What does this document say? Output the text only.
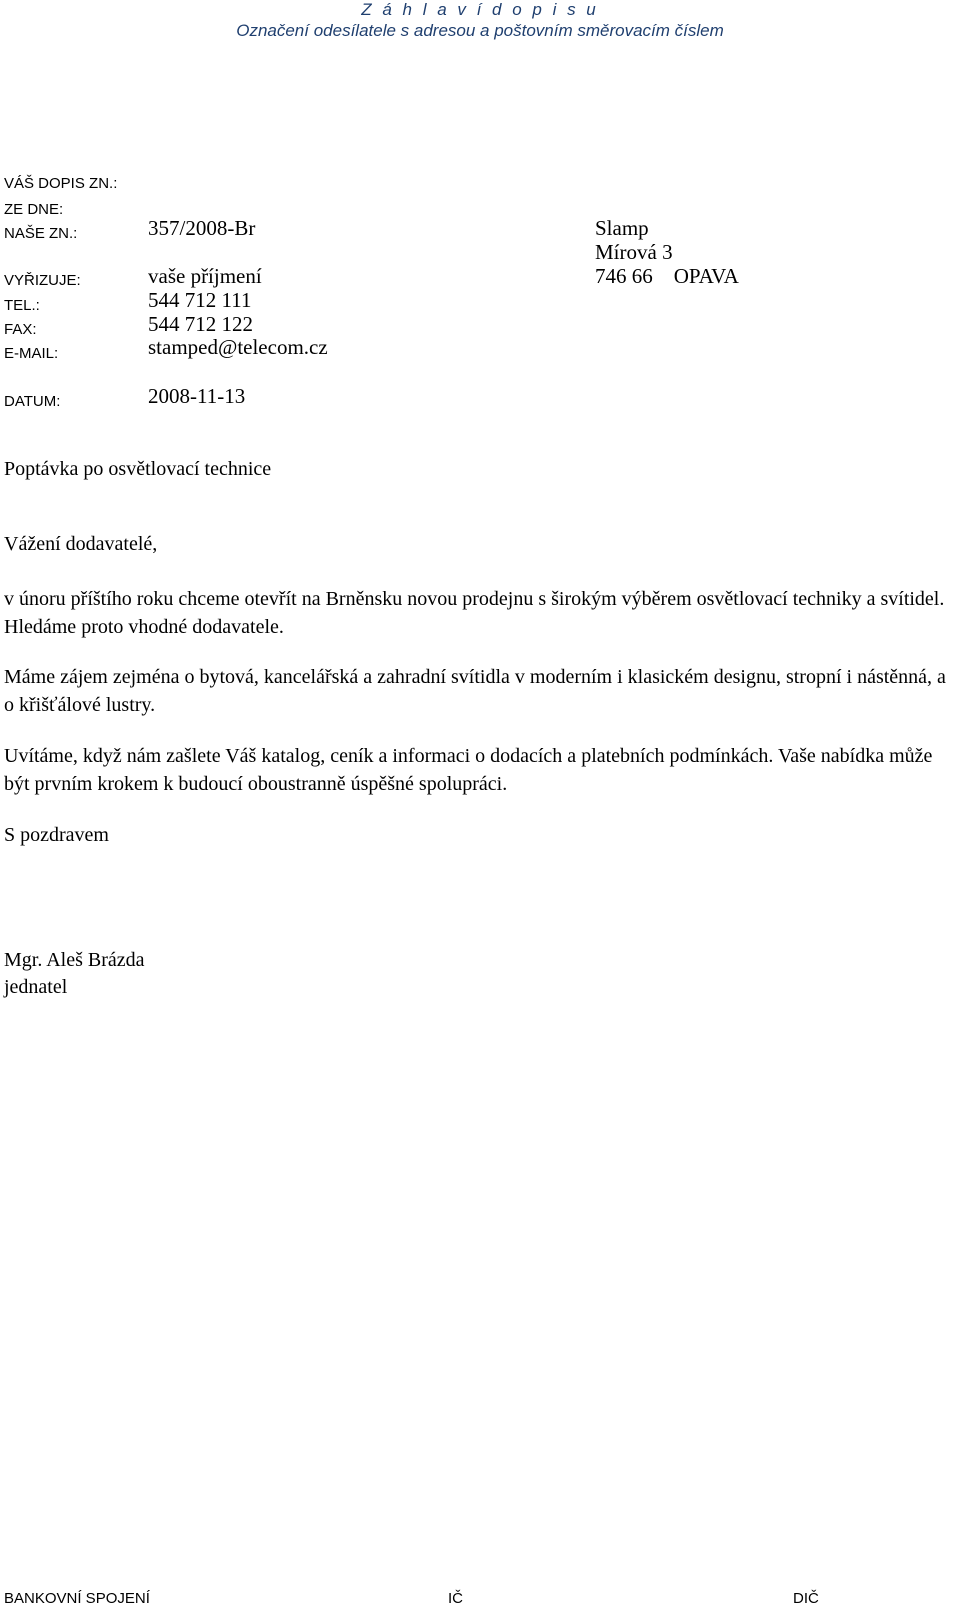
Z á h l a v í d o p i s u
Označení odesílatele s adresou a poštovním směrovacím číslem
VÁŠ DOPIS ZN.:
ZE DNE:
NAŠE ZN.:	357/2008-Br
VYŘIZUJE:	vaše příjmení
TEL.:	544 712 111
FAX:	544 712 122
E-MAIL:	stamped@telecom.cz
DATUM:	2008-11-13
Slamp
Mírová 3
746 66    OPAVA
Poptávka po osvětlovací technice
Vážení dodavatelé,
v únoru příštího roku chceme otevřít na Brněnsku novou prodejnu s širokým výběrem osvětlovací techniky a svítidel. Hledáme proto vhodné dodavatele.
Máme zájem zejména o bytová, kancelářská a zahradní svítidla v moderním i klasickém designu, stropní i nástěnná, a o křišťálové lustry.
Uvítáme, když nám zašlete Váš katalog, ceník a informaci o dodacích a platebních podmínkách. Vaše nabídka může být prvním krokem k budoucí oboustranně úspěšné spolupráci.
S pozdravem
Mgr. Aleš Brázda
jednatel
BANKOVNÍ SPOJENÍ	IČ	DIČ
